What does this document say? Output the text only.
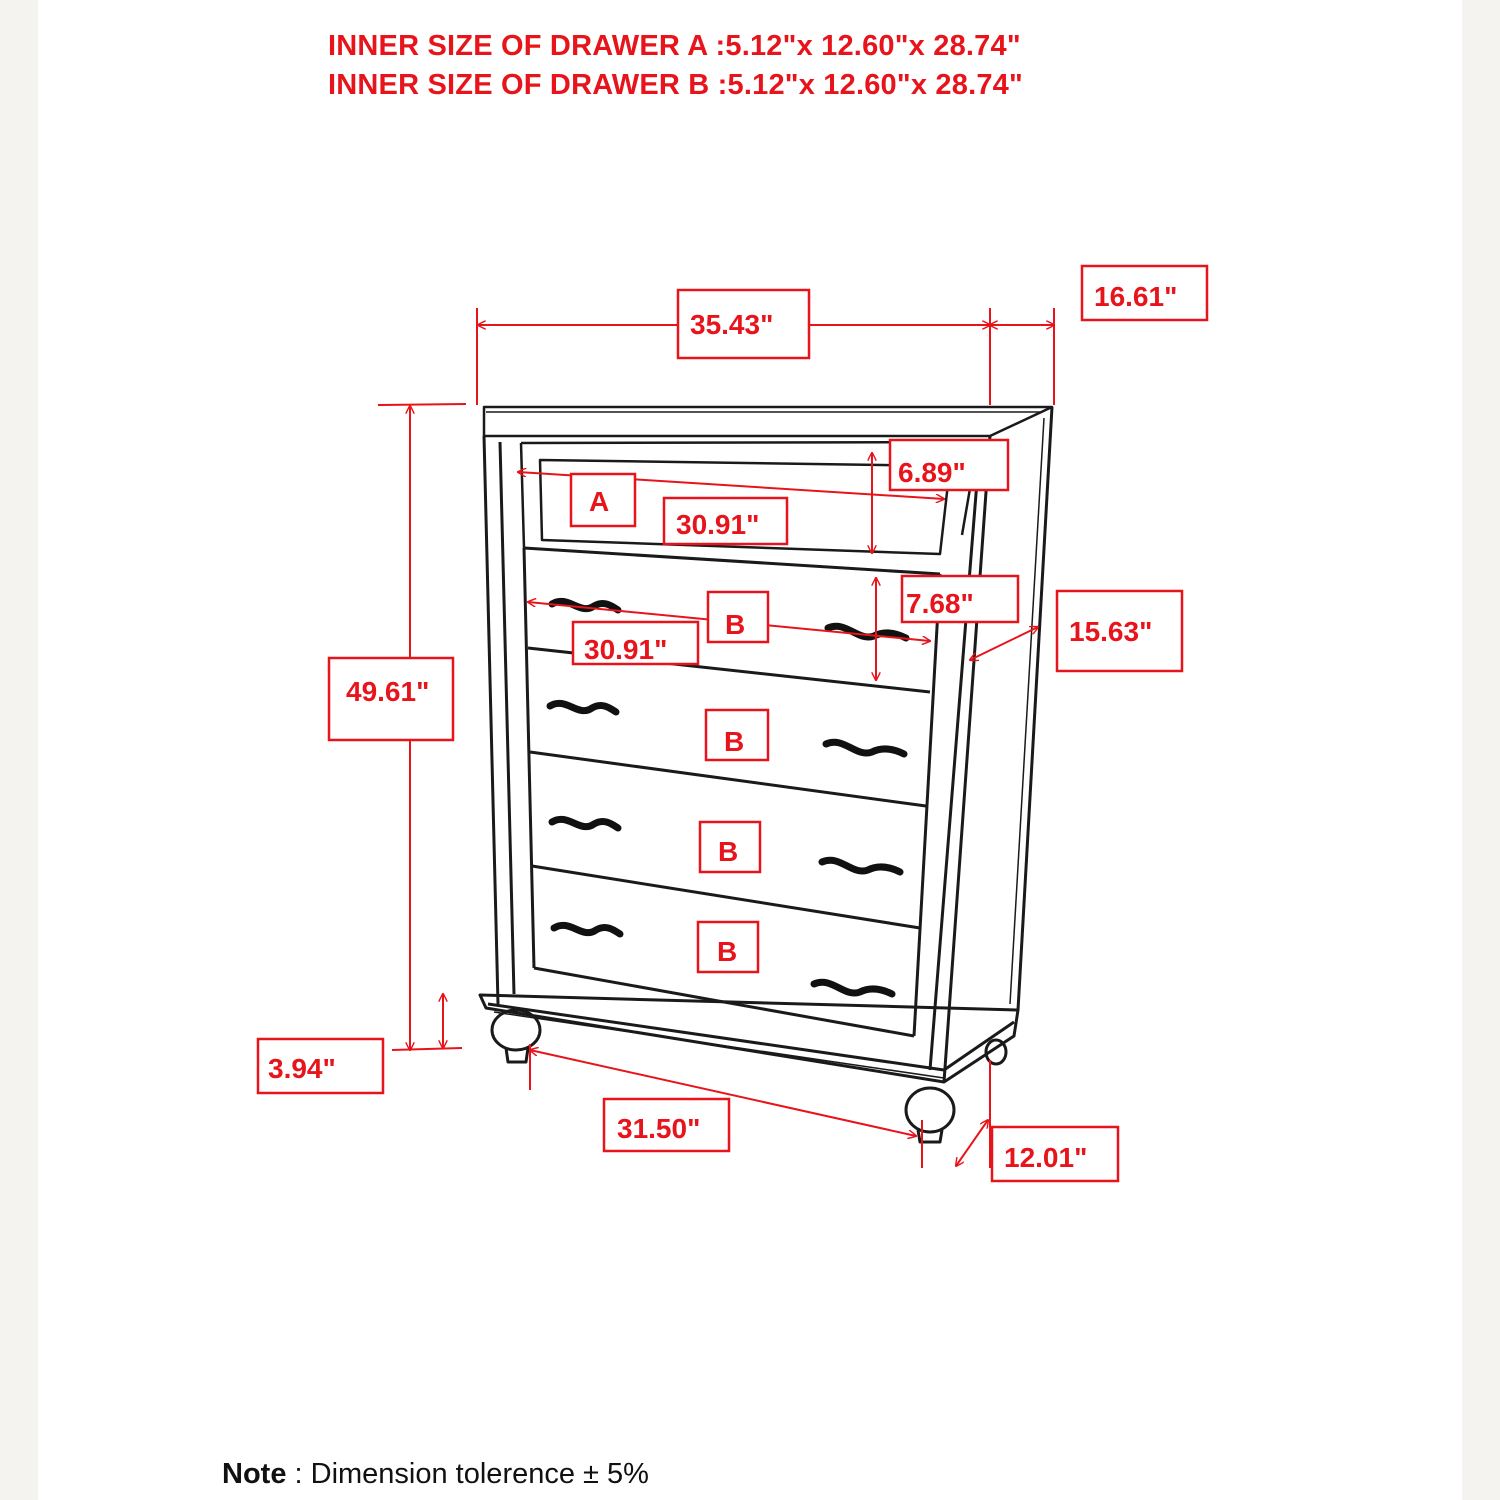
INNER SIZE OF DRAWER A :5.12"x 12.60"x 28.74"
INNER SIZE OF DRAWER B :5.12"x 12.60"x 28.74"
35.43"
16.61"
49.61"
3.94"
30.91"
6.89"
30.91"
7.68"
15.63"
31.50"
12.01"
A
B
B
B
B
Note : Dimension tolerence ± 5%
